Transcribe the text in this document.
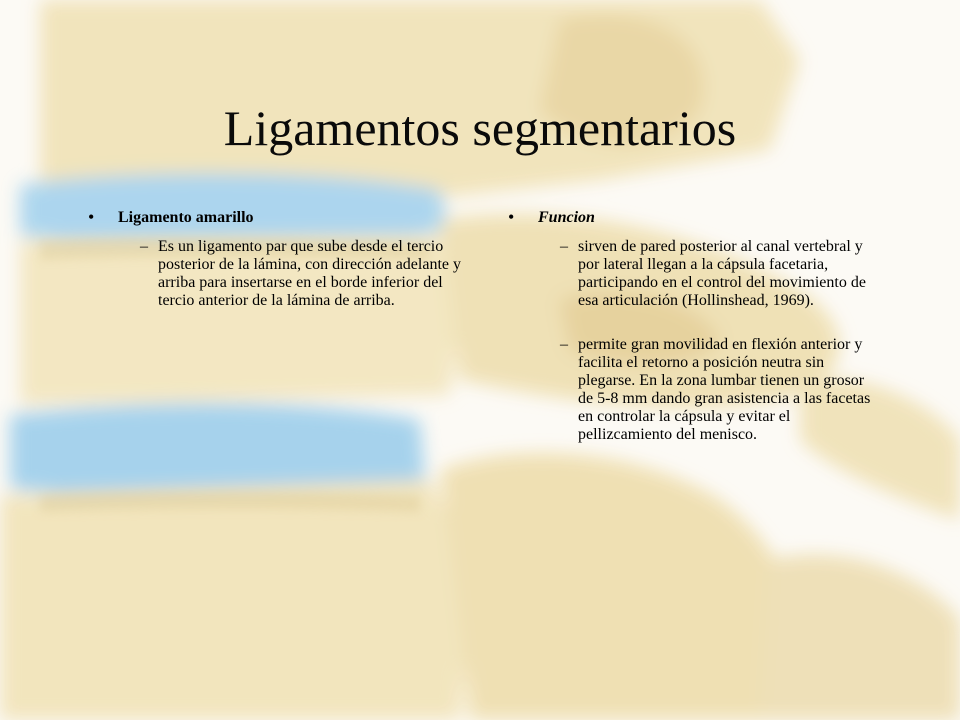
Ligamentos segmentarios
• Ligamento amarillo
– Es un ligamento par que sube desde el tercio posterior de la lámina, con dirección adelante y arriba para insertarse en el borde inferior del tercio anterior de la lámina de arriba.
• Funcion
– sirven de pared posterior al canal vertebral y por lateral llegan a la cápsula facetaria, participando en el control del movimiento de esa articulación (Hollinshead, 1969).
– permite gran movilidad en flexión anterior y facilita el retorno a posición neutra sin plegarse. En la zona lumbar tienen un grosor de 5-8 mm dando gran asistencia a las facetas en controlar la cápsula y evitar el pellizcamiento del menisco.
